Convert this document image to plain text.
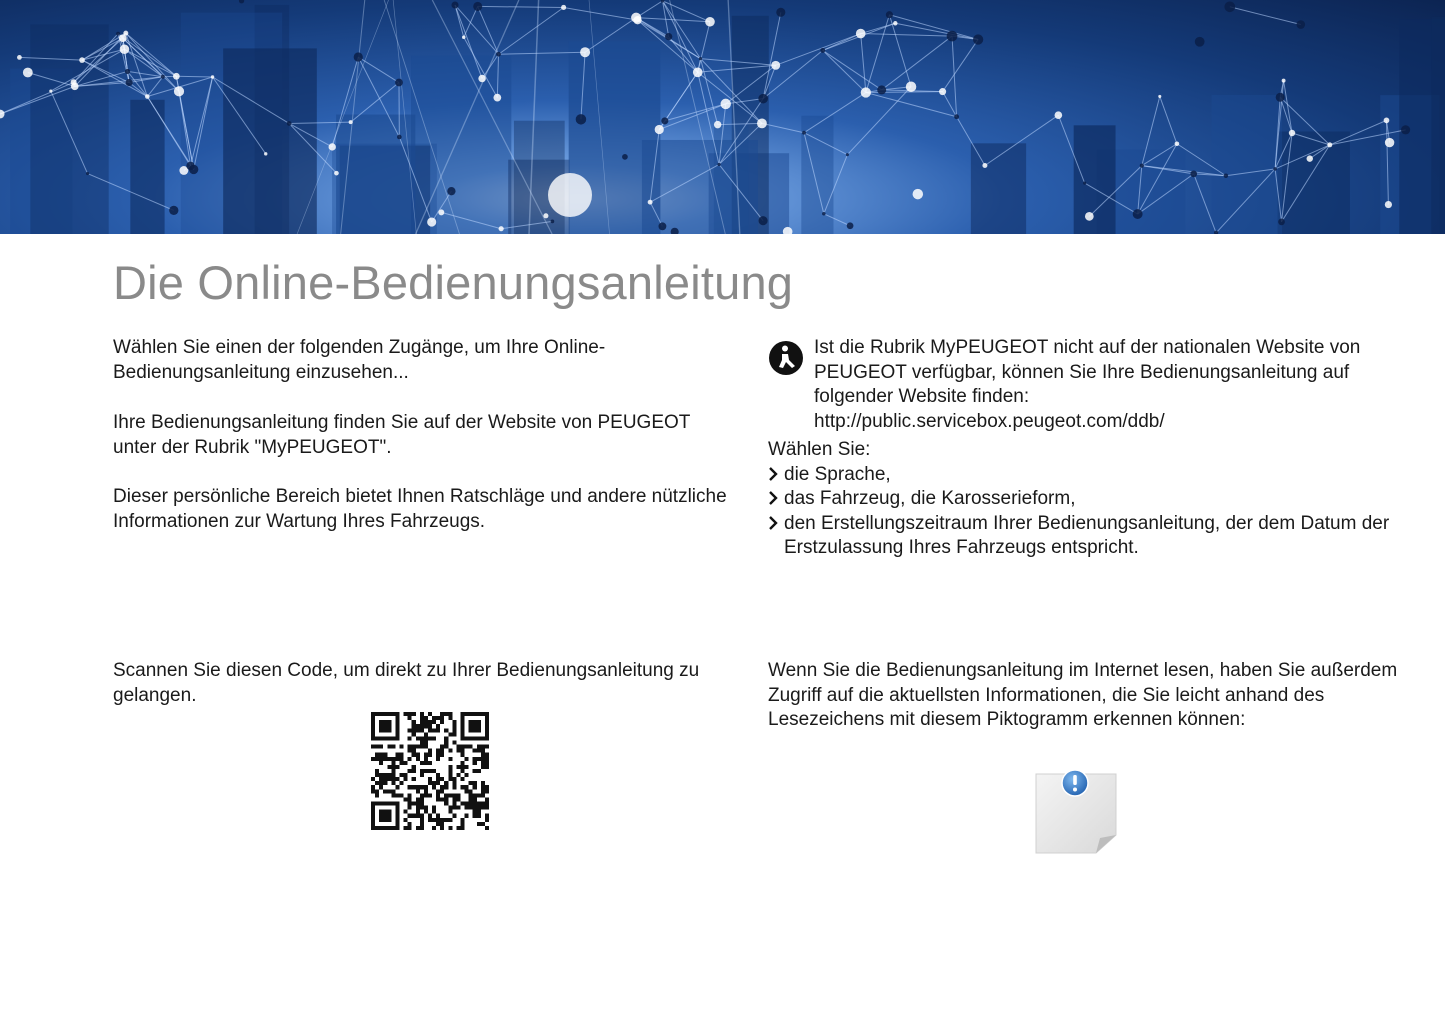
Die Online-Bedienungsanleitung

Wählen Sie einen der folgenden Zugänge, um Ihre Online-Bedienungsanleitung einzusehen...

Ihre Bedienungsanleitung finden Sie auf der Website von PEUGEOT unter der Rubrik "MyPEUGEOT".

Dieser persönliche Bereich bietet Ihnen Ratschläge und andere nützliche Informationen zur Wartung Ihres Fahrzeugs.

Ist die Rubrik MyPEUGEOT nicht auf der nationalen Website von PEUGEOT verfügbar, können Sie Ihre Bedienungsanleitung auf folgender Website finden:
http://public.servicebox.peugeot.com/ddb/
Wählen Sie:
die Sprache,
das Fahrzeug, die Karosserieform,
den Erstellungszeitraum Ihrer Bedienungsanleitung, der dem Datum der Erstzulassung Ihres Fahrzeugs entspricht.

Scannen Sie diesen Code, um direkt zu Ihrer Bedienungsanleitung zu gelangen.

Wenn Sie die Bedienungsanleitung im Internet lesen, haben Sie außerdem Zugriff auf die aktuellsten Informationen, die Sie leicht anhand des Lesezeichens mit diesem Piktogramm erkennen können:
